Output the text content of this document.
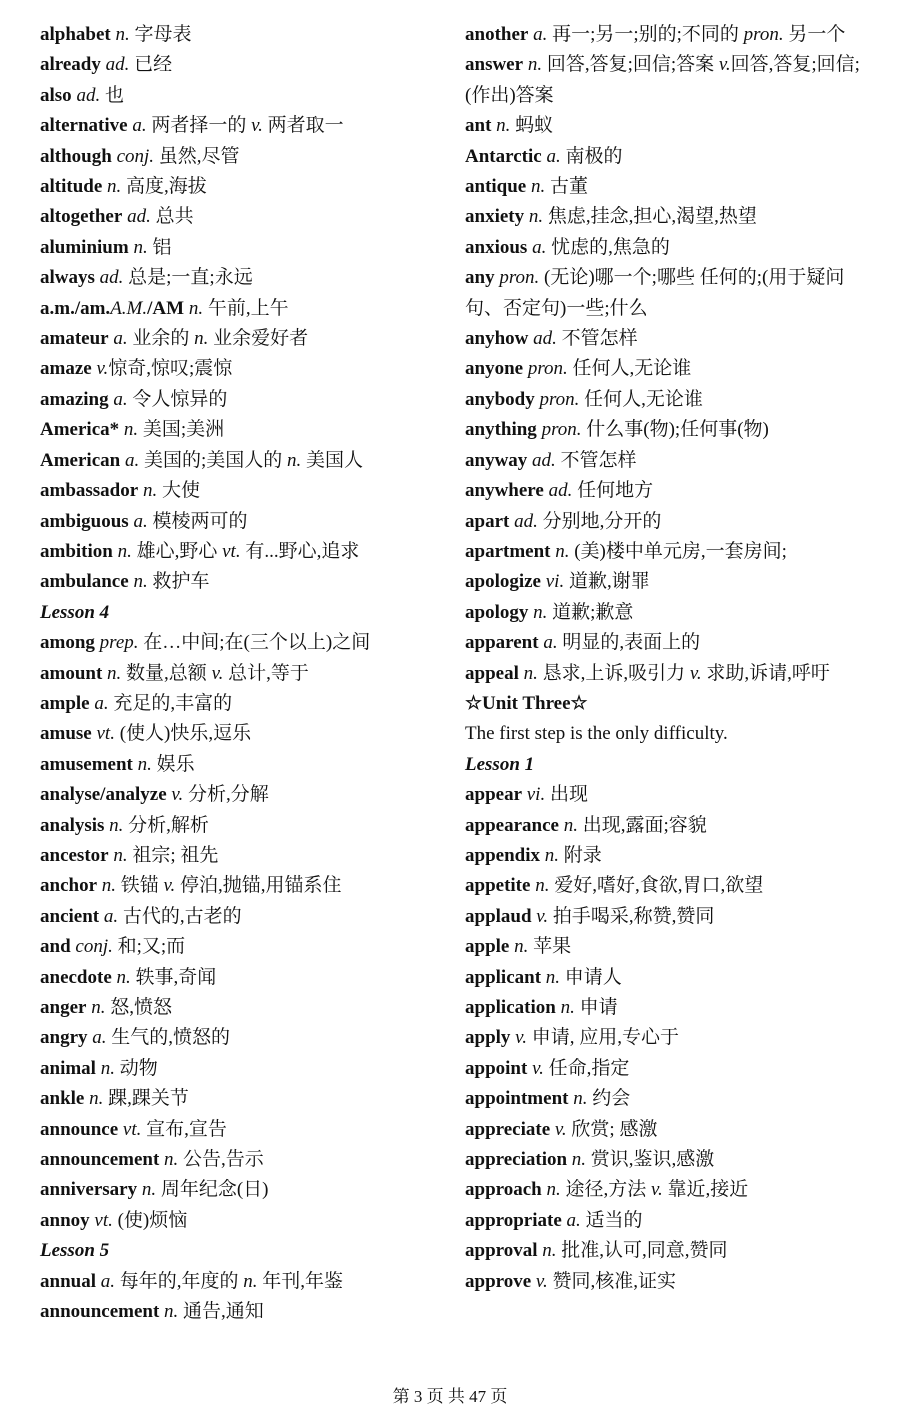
alphabet n. 字母表
already ad. 已经
also ad. 也
alternative a. 两者择一的 v. 两者取一
although conj. 虽然,尽管
altitude n. 高度,海拔
altogether ad. 总共
aluminium n. 铝
always ad. 总是;一直;永远
a.m./am.A.M./AM n. 午前,上午
amateur a. 业余的 n. 业余爱好者
amaze v.惊奇,惊叹;震惊
amazing a. 令人惊异的
America* n. 美国;美洲
American a. 美国的;美国人的 n. 美国人
ambassador n. 大使
ambiguous a. 模棱两可的
ambition n. 雄心,野心 vt. 有...野心,追求
ambulance n. 救护车
Lesson 4
among prep. 在…中间;在(三个以上)之间
amount n. 数量,总额 v. 总计,等于
ample a. 充足的,丰富的
amuse vt. (使人)快乐,逗乐
amusement n. 娱乐
analyse/analyze v. 分析,分解
analysis n. 分析,解析
ancestor n. 祖宗; 祖先
anchor n. 铁锚 v. 停泊,抛锚,用锚系住
ancient a. 古代的,古老的
and conj. 和;又;而
anecdote n. 轶事,奇闻
anger n. 怒,愤怒
angry a. 生气的,愤怒的
animal n. 动物
ankle n. 踝,踝关节
announce vt. 宣布,宣告
announcement n. 公告,告示
anniversary n. 周年纪念(日)
annoy vt. (使)烦恼
Lesson 5
annual a. 每年的,年度的 n. 年刊,年鉴
announcement n. 通告,通知
another a. 再一;另一;别的;不同的 pron. 另一个
answer n. 回答,答复;回信;答案 v.回答,答复;回信;(作出)答案
ant n. 蚂蚁
Antarctic a. 南极的
antique n. 古董
anxiety n. 焦虑,挂念,担心,渴望,热望
anxious a. 忧虑的,焦急的
any pron. (无论)哪一个;哪些 任何的;(用于疑问句、否定句)一些;什么
anyhow ad. 不管怎样
anyone pron. 任何人,无论谁
anybody pron. 任何人,无论谁
anything pron. 什么事(物);任何事(物)
anyway ad. 不管怎样
anywhere ad. 任何地方
apart ad. 分别地,分开的
apartment n. (美)楼中单元房,一套房间;
apologize vi. 道歉,谢罪
apology n. 道歉;歉意
apparent a. 明显的,表面上的
appeal n. 恳求,上诉,吸引力 v. 求助,诉请,呼吁
☆Unit Three☆
The first step is the only difficulty.
Lesson 1
appear vi. 出现
appearance n. 出现,露面;容貌
appendix n. 附录
appetite n. 爱好,嗜好,食欲,胃口,欲望
applaud v. 拍手喝采,称赞,赞同
apple n. 苹果
applicant n. 申请人
application n. 申请
apply v. 申请, 应用,专心于
appoint v. 任命,指定
appointment n. 约会
appreciate v. 欣赏; 感激
appreciation n. 赏识,鉴识,感激
approach n. 途径,方法 v. 靠近,接近
appropriate a. 适当的
approval n. 批准,认可,同意,赞同
approve v. 赞同,核准,证实
第 3 页 共 47 页
